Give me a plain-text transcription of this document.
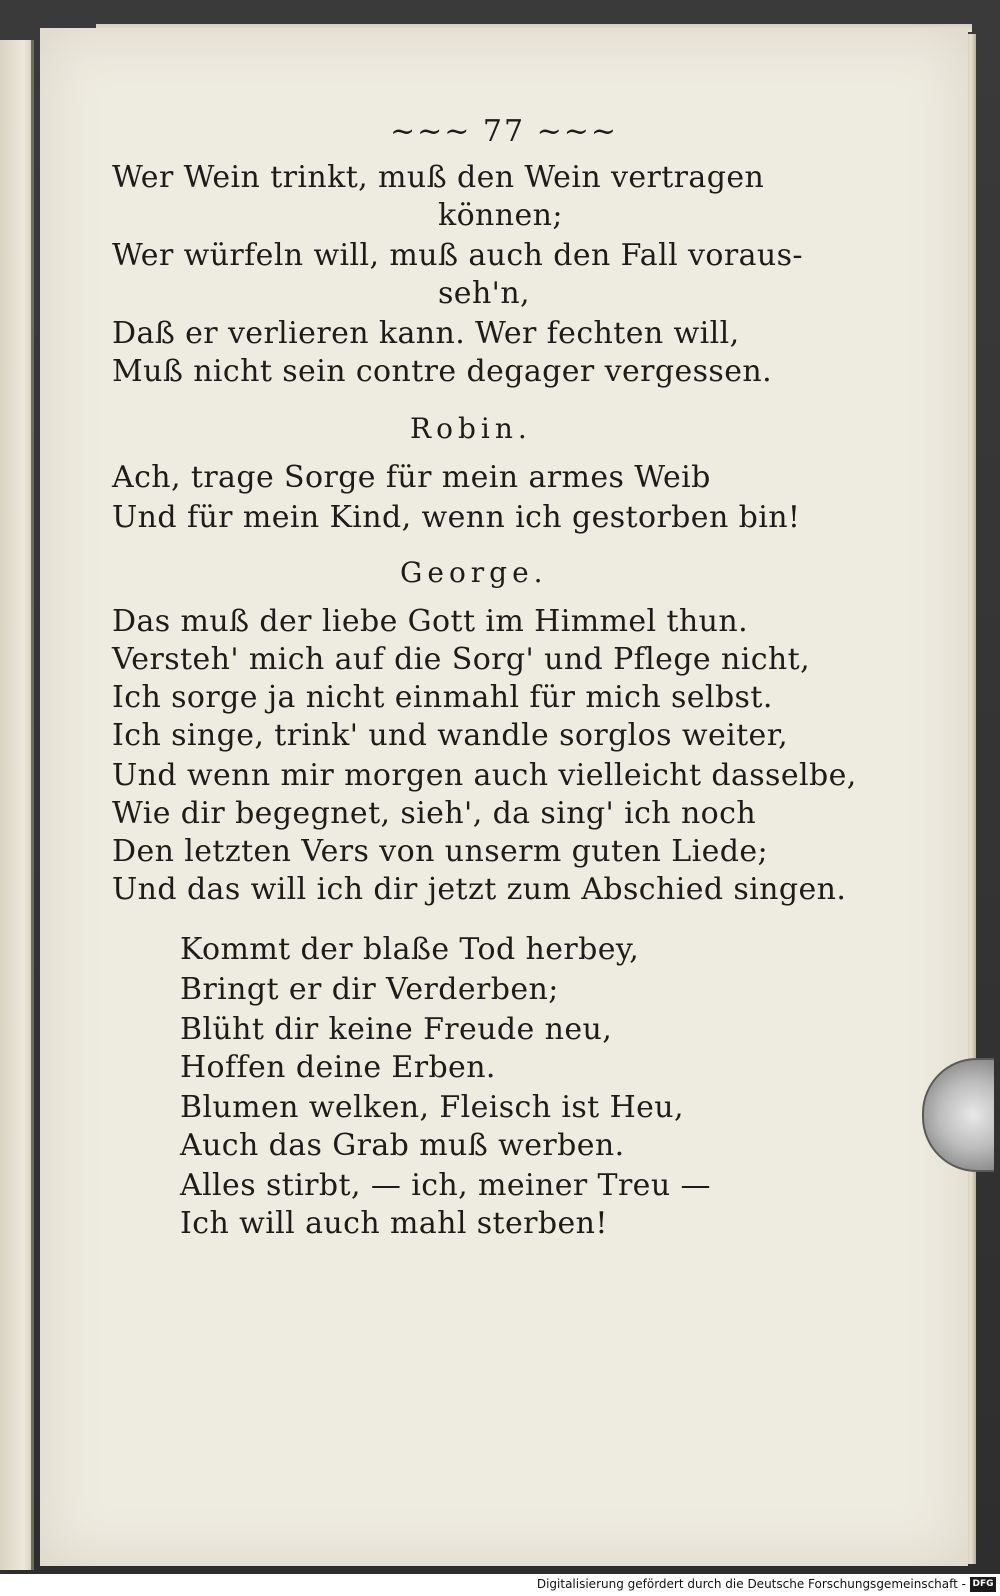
~~~ 77 ~~~
Wer Wein trinkt, muß den Wein vertragen
können;
Wer würfeln will, muß auch den Fall voraus-
seh'n,
Daß er verlieren kann. Wer fechten will,
Muß nicht sein contre degager vergessen.
Robin.
Ach, trage Sorge für mein armes Weib
Und für mein Kind, wenn ich gestorben bin!
George.
Das muß der liebe Gott im Himmel thun.
Versteh' mich auf die Sorg' und Pflege nicht,
Ich sorge ja nicht einmahl für mich selbst.
Ich singe, trink' und wandle sorglos weiter,
Und wenn mir morgen auch vielleicht dasselbe,
Wie dir begegnet, sieh', da sing' ich noch
Den letzten Vers von unserm guten Liede;
Und das will ich dir jetzt zum Abschied singen.
Kommt der blaße Tod herbey,
Bringt er dir Verderben;
Blüht dir keine Freude neu,
Hoffen deine Erben.
Blumen welken, Fleisch ist Heu,
Auch das Grab muß werben.
Alles stirbt, — ich, meiner Treu —
Ich will auch mahl sterben!
Digitalisierung gefördert durch die Deutsche Forschungsgemeinschaft - DFG
